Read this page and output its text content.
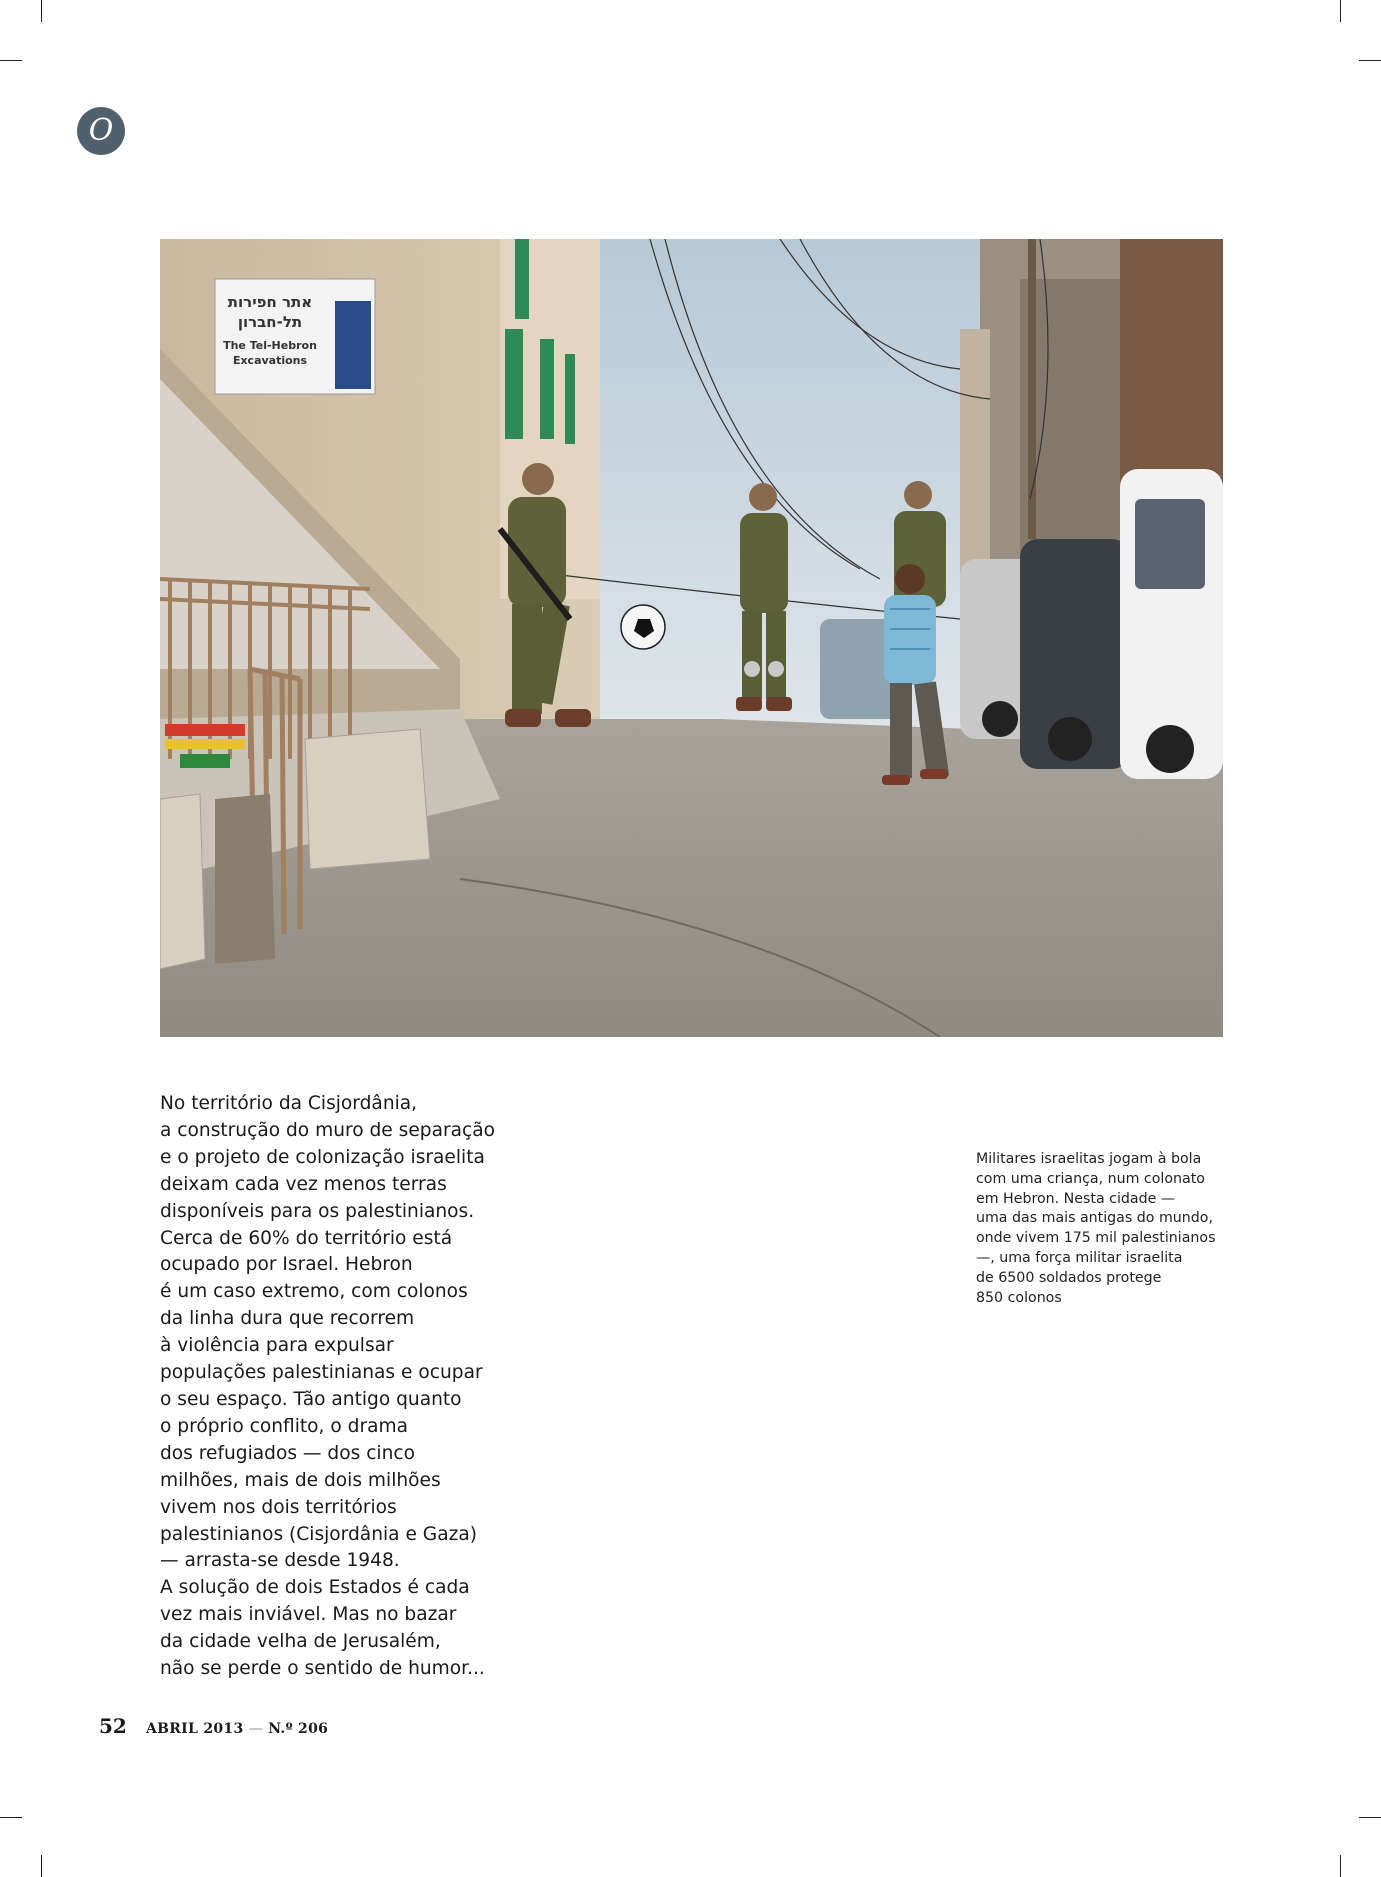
O
אתר חפירות
תל-חברון
The Tel-Hebron
Excavations
No território da Cisjordânia,
a construção do muro de separação
e o projeto de colonização israelita
deixam cada vez menos terras
disponíveis para os palestinianos.
Cerca de 60% do território está
ocupado por Israel. Hebron
é um caso extremo, com colonos
da linha dura que recorrem
à violência para expulsar
populações palestinianas e ocupar
o seu espaço. Tão antigo quanto
o próprio conflito, o drama
dos refugiados — dos cinco
milhões, mais de dois milhões
vivem nos dois territórios
palestinianos (Cisjordânia e Gaza)
— arrasta-se desde 1948.
A solução de dois Estados é cada
vez mais inviável. Mas no bazar
da cidade velha de Jerusalém,
não se perde o sentido de humor...
Militares israelitas jogam à bola
com uma criança, num colonato
em Hebron. Nesta cidade —
uma das mais antigas do mundo,
onde vivem 175 mil palestinianos
—, uma força militar israelita
de 6500 soldados protege
850 colonos
52 ABRIL 2013 — N.º 206
